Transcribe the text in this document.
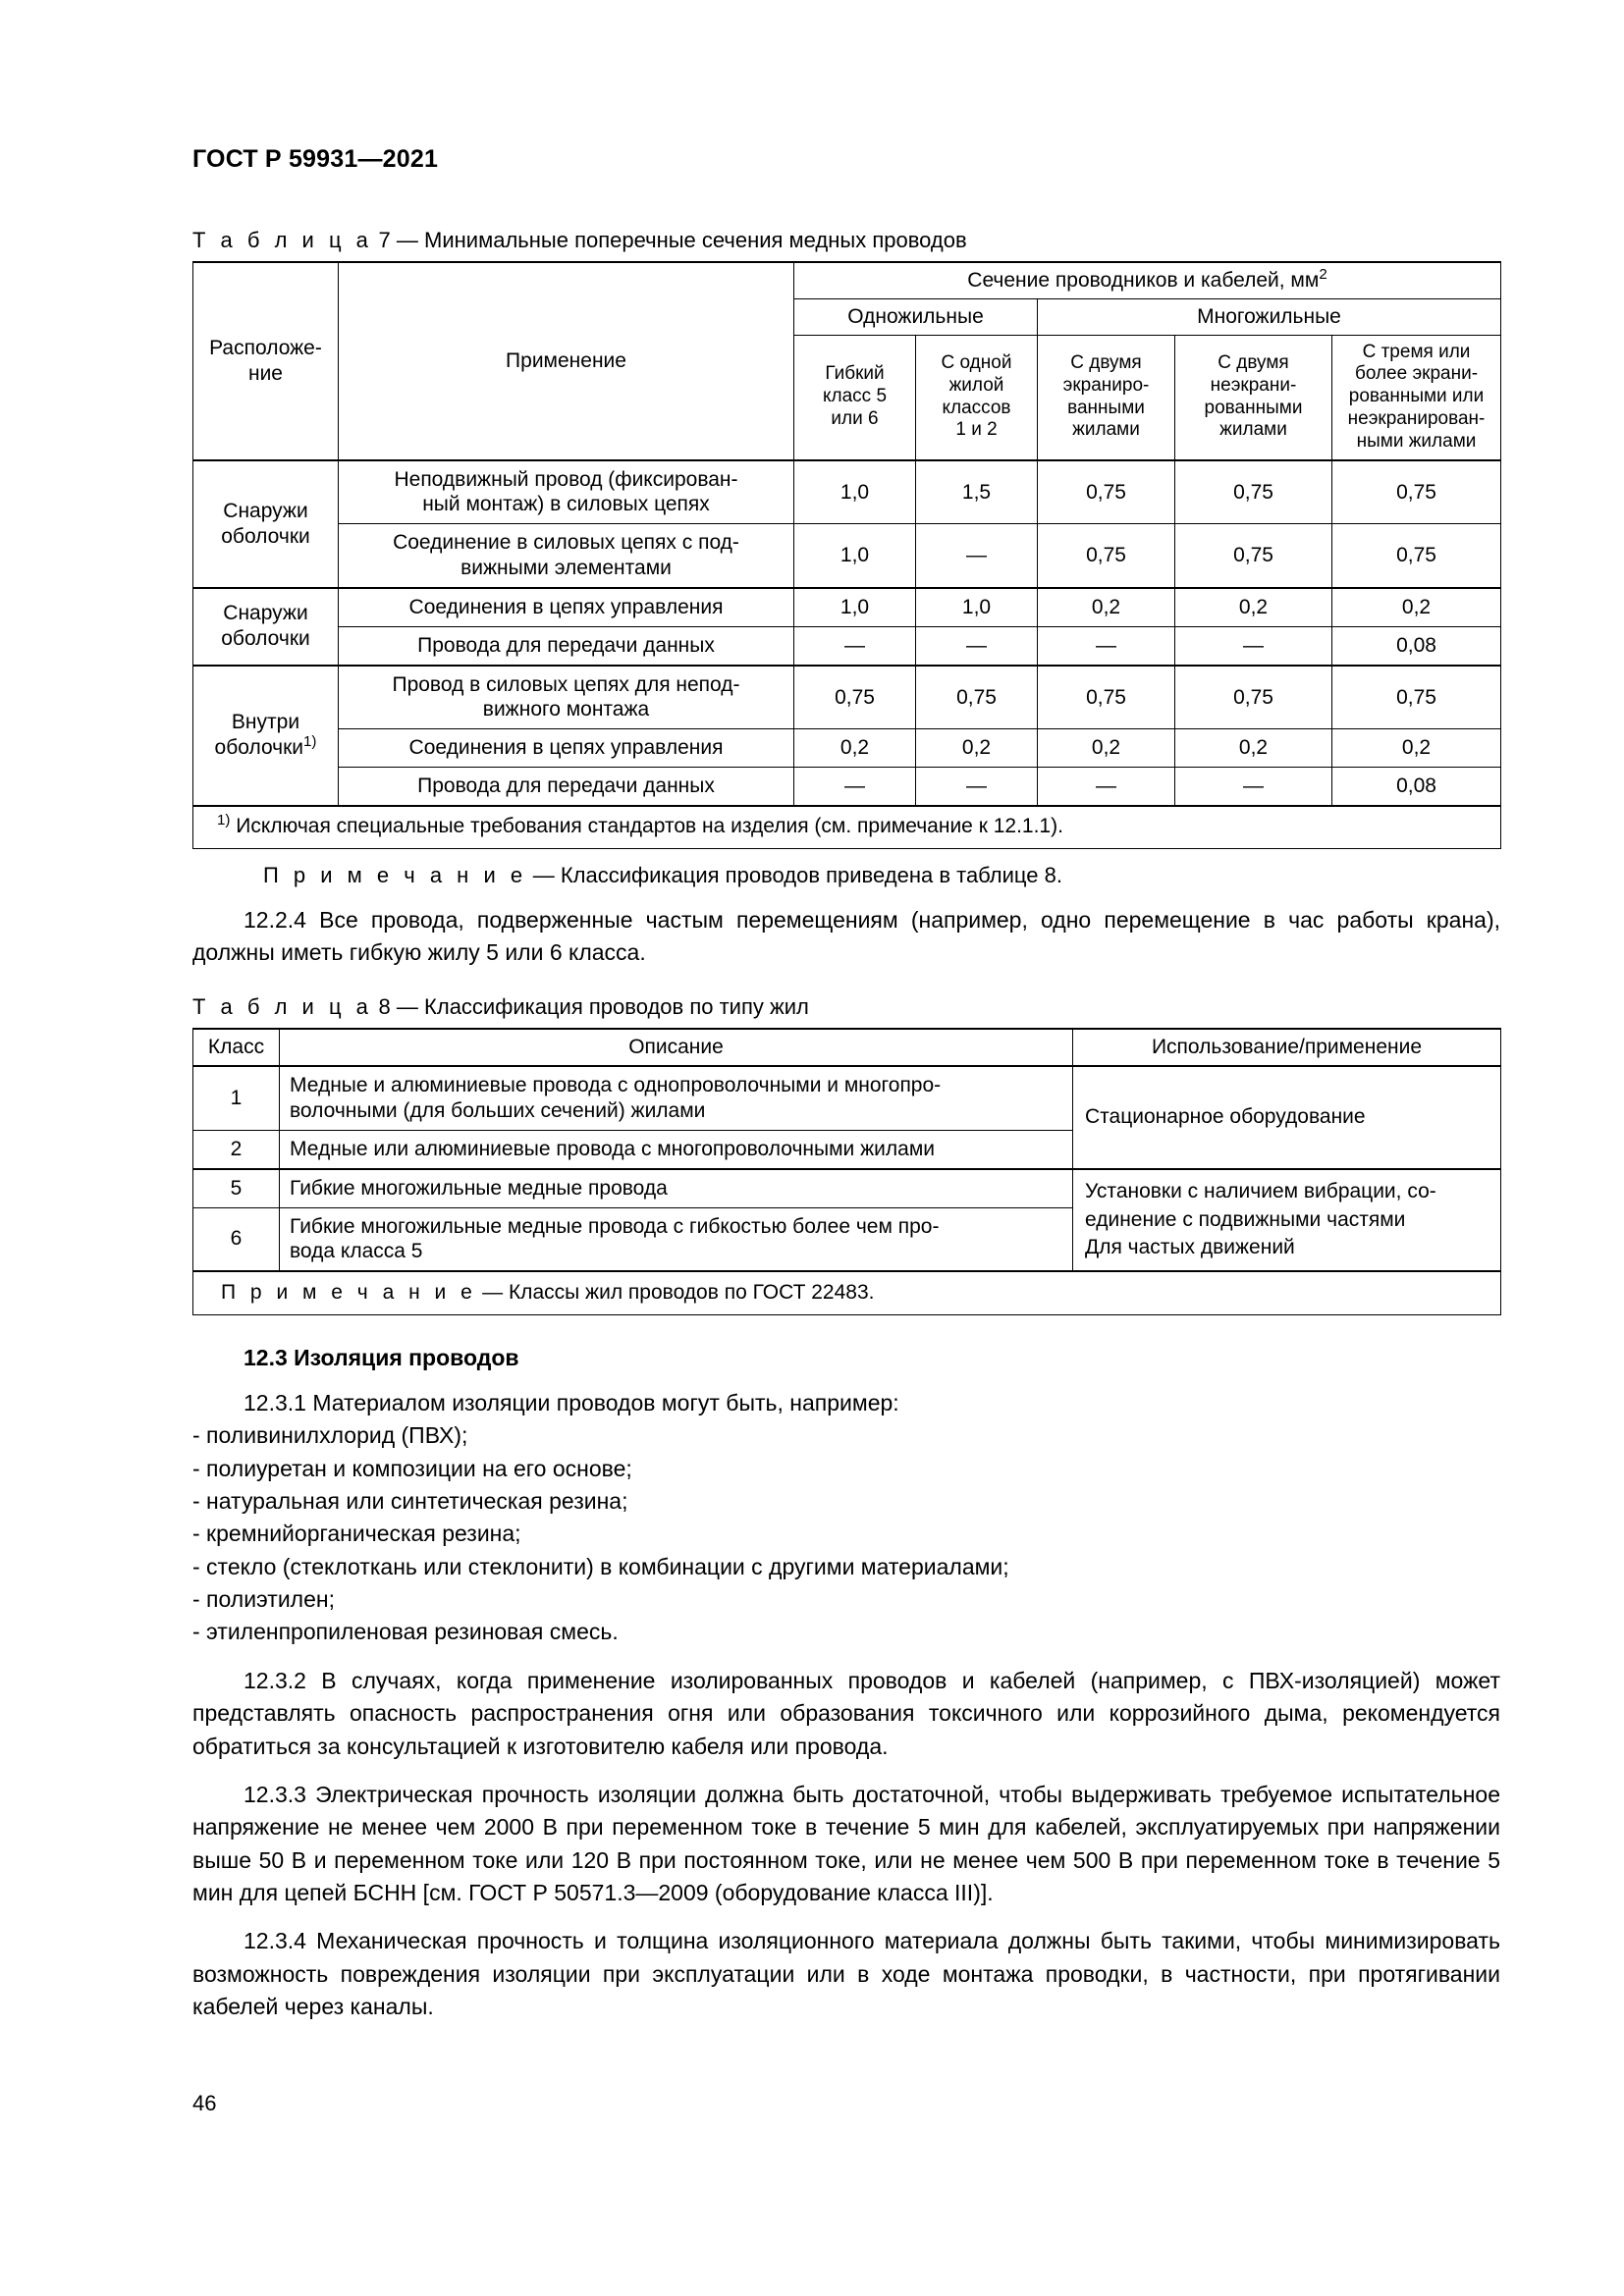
ГОСТ Р 59931—2021
Т а б л и ц а 7 — Минимальные поперечные сечения медных проводов
Расположе-
ние	Применение	Сечение проводников и кабелей, $мм^2$
		Одножильные		Многожильные		
		Гибкий
класс 5
или 6	С одной
жилой
классов
1 и 2	С двумя
экраниро-
ванными
жилами	С двумя
неэкрани-
рованными
жилами	С тремя или
более экрани-
рованными или
неэкранирован-
ными жилами
Снаружи
оболочки	Неподвижный провод (фиксирован-
ный монтаж) в силовых цепях	1,0	1,5	0,75	0,75	0,75
	Соединение в силовых цепях с под-
вижными элементами	1,0	—	0,75	0,75	0,75
Снаружи
оболочки	Соединения в цепях управления	1,0	1,0	0,2	0,2	0,2
	Провода для передачи данных	—	—	—	—	0,08
Внутри
оболочки$^{1)}$	Провод в силовых цепях для непод-
вижного монтажа	0,75	0,75	0,75	0,75	0,75
	Соединения в цепях управления	0,2	0,2	0,2	0,2	0,2
	Провода для передачи данных	—	—	—	—	0,08
$^{1)}$ Исключая специальные требования стандартов на изделия (см. примечание к 12.1.1).						
П р и м е ч а н и е — Классификация проводов приведена в таблице 8.

12.2.4 Все провода, подверженные частым перемещениям (например, одно перемещение в час работы крана), должны иметь гибкую жилу 5 или 6 класса.

Т а б л и ц а 8 — Классификация проводов по типу жил
Класс	Описание	Использование/применение
1	Медные и алюминиевые провода с однопроволочными и многопро-
волочными (для больших сечений) жилами	Стационарное оборудование
2	Медные или алюминиевые провода с многопроволочными жилами	
5	Гибкие многожильные медные провода	Установки с наличием вибрации, со-
единение с подвижными частями
Для частых движений
6	Гибкие многожильные медные провода с гибкостью более чем про-
вода класса 5	
П р и м е ч а н и е — Классы жил проводов по ГОСТ 22483.		
12.3 Изоляция проводов

12.3.1 Материалом изоляции проводов могут быть, например:

- поливинилхлорид (ПВХ);

- полиуретан и композиции на его основе;

- натуральная или синтетическая резина;

- кремнийорганическая резина;

- стекло (стеклоткань или стеклонити) в комбинации с другими материалами;

- полиэтилен;

- этиленпропиленовая резиновая смесь.

12.3.2 В случаях, когда применение изолированных проводов и кабелей (например, с ПВХ-изоляцией) может представлять опасность распространения огня или образования токсичного или коррозийного дыма, рекомендуется обратиться за консультацией к изготовителю кабеля или провода.

12.3.3 Электрическая прочность изоляции должна быть достаточной, чтобы выдерживать требуемое испытательное напряжение не менее чем 2000 В при переменном токе в течение 5 мин для кабелей, эксплуатируемых при напряжении выше 50 В и переменном токе или 120 В при постоянном токе, или не менее чем 500 В при переменном токе в течение 5 мин для цепей БСНН [см. ГОСТ Р 50571.3—2009 (оборудование класса III)].

12.3.4 Механическая прочность и толщина изоляционного материала должны быть такими, чтобы минимизировать возможность повреждения изоляции при эксплуатации или в ходе монтажа проводки, в частности, при протягивании кабелей через каналы.

46
